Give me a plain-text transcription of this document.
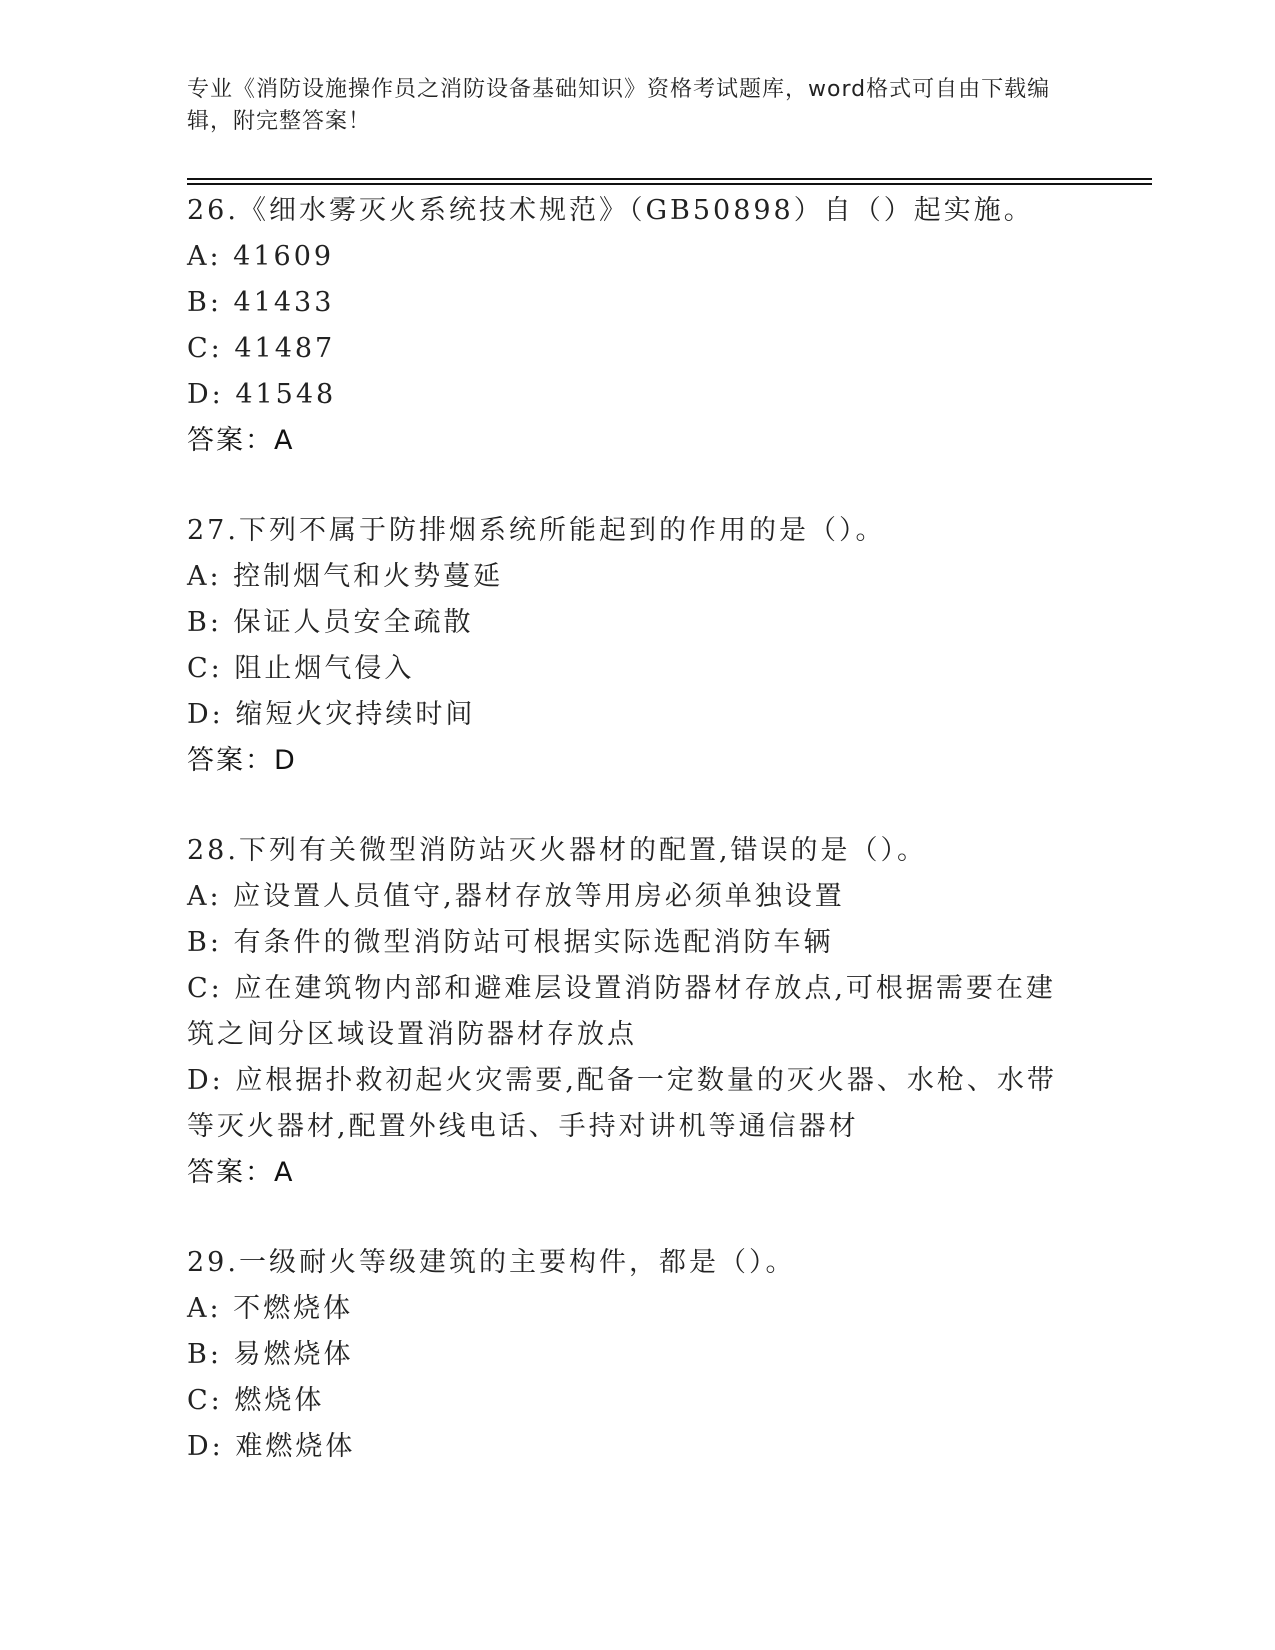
专业《消防设施操作员之消防设备基础知识》资格考试题库，word格式可自由下载编辑，附完整答案！

26.《细水雾灭火系统技术规范》（GB50898）自（）起实施。

A: 41609

B: 41433

C: 41487

D: 41548

答案：A

27.下列不属于防排烟系统所能起到的作用的是（）。

A: 控制烟气和火势蔓延

B: 保证人员安全疏散

C: 阻止烟气侵入

D: 缩短火灾持续时间

答案：D

28.下列有关微型消防站灭火器材的配置,错误的是（）。

A: 应设置人员值守,器材存放等用房必须单独设置

B: 有条件的微型消防站可根据实际选配消防车辆

C: 应在建筑物内部和避难层设置消防器材存放点,可根据需要在建筑之间分区域设置消防器材存放点

D: 应根据扑救初起火灾需要,配备一定数量的灭火器、水枪、水带等灭火器材,配置外线电话、手持对讲机等通信器材

答案：A

29.一级耐火等级建筑的主要构件，都是（）。

A: 不燃烧体

B: 易燃烧体

C: 燃烧体

D: 难燃烧体
